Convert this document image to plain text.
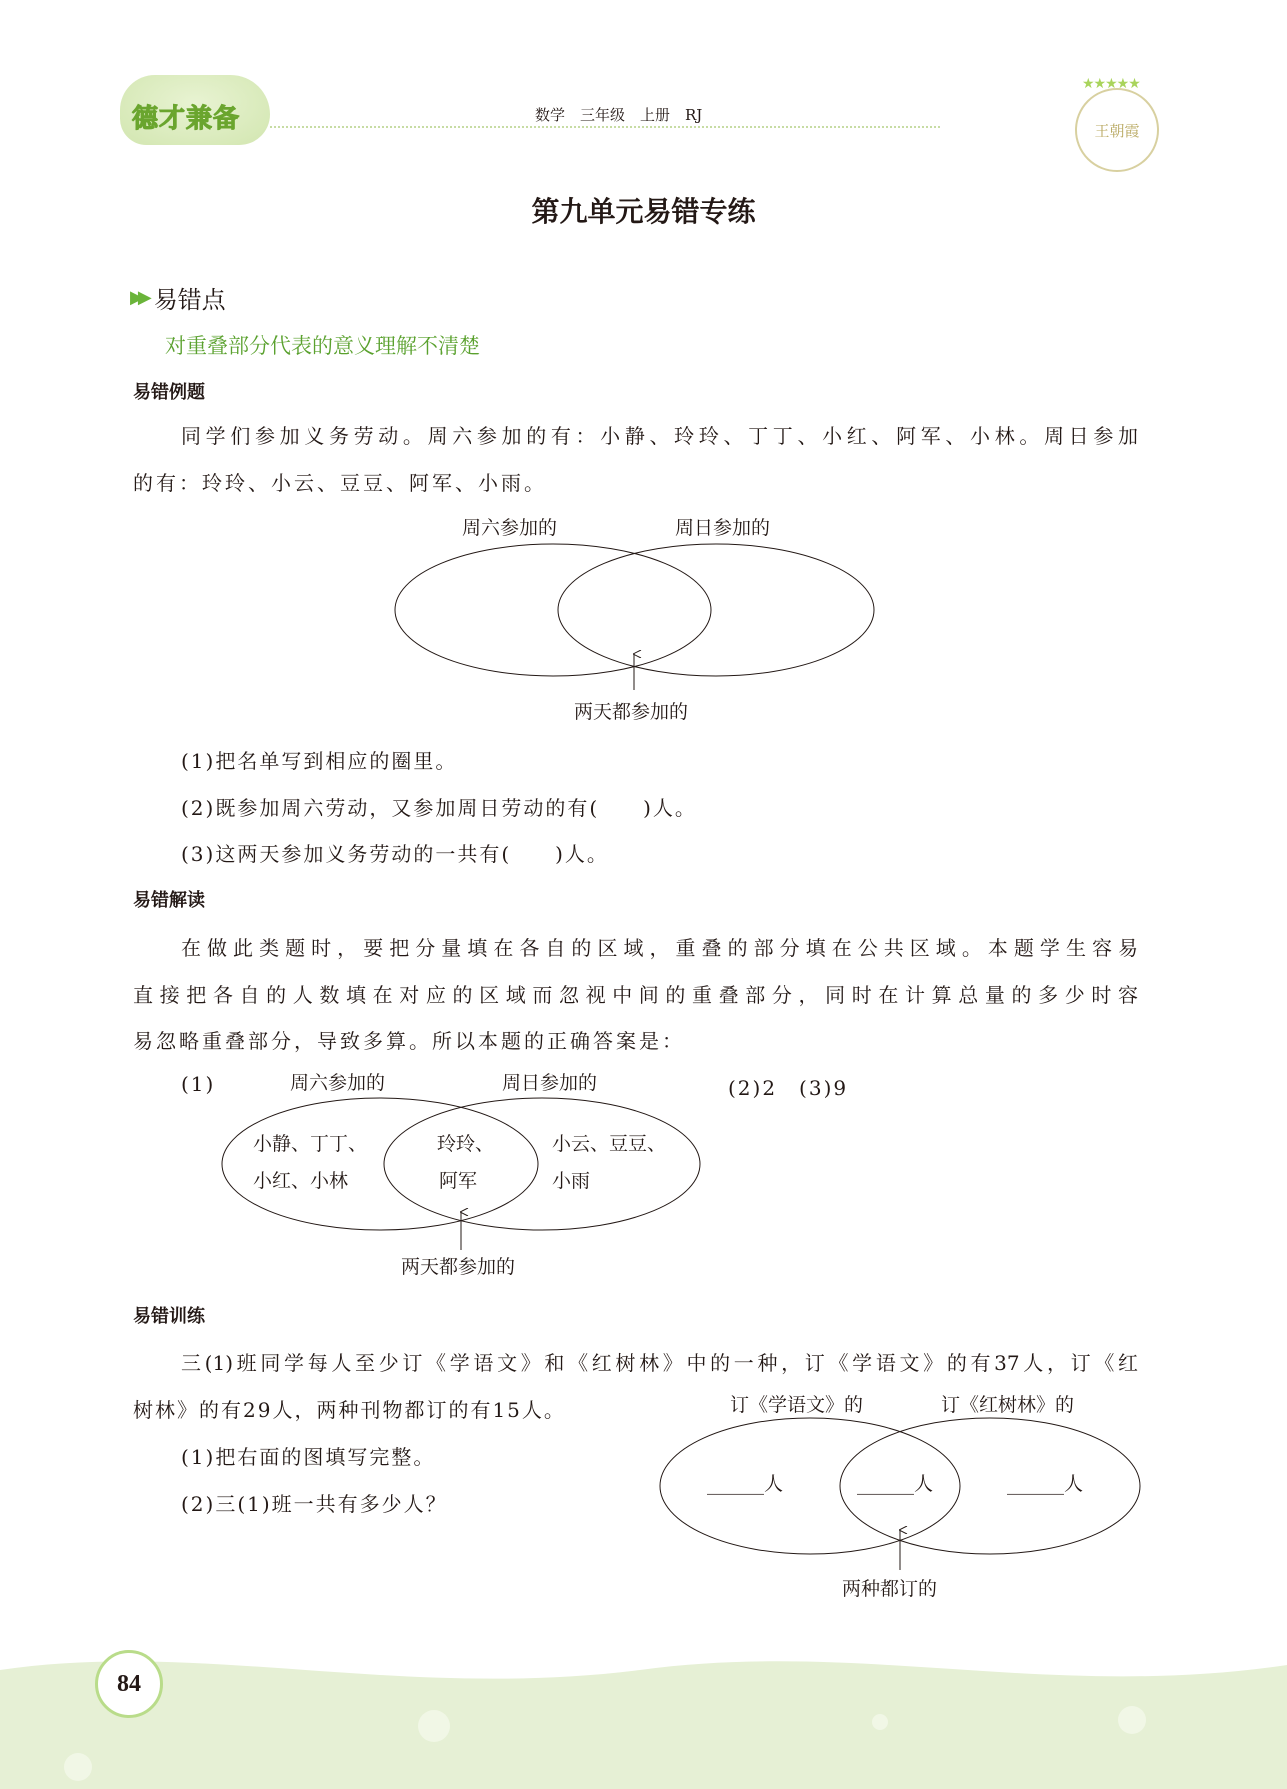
德才兼备	数学　三年级　上册　RJ
★★★★★
王朝霞
第九单元易错专练
▶▶ 易错点
对重叠部分代表的意义理解不清楚
易错例题
同学们参加义务劳动。周六参加的有：小静、玲玲、丁丁、小红、阿军、小林。周日参加
的有：玲玲、小云、豆豆、阿军、小雨。
周六参加的	周日参加的
两天都参加的
周六参加的	周日参加的
小静、丁丁、
小红、小林
玲玲、
阿军
小云、豆豆、
小雨
两天都参加的
订《学语文》的	订《红树林》的
______人	______人	______人
两种都订的
(1)把名单写到相应的圈里。
(2)既参加周六劳动，又参加周日劳动的有(　　)人。
(3)这两天参加义务劳动的一共有(　　)人。
易错解读
在做此类题时，要把分量填在各自的区域，重叠的部分填在公共区域。本题学生容易
直接把各自的人数填在对应的区域而忽视中间的重叠部分，同时在计算总量的多少时容
易忽略重叠部分，导致多算。所以本题的正确答案是：
(1)	(2)2　(3)9
易错训练
三(1)班同学每人至少订《学语文》和《红树林》中的一种，订《学语文》的有37人，订《红
树林》的有29人，两种刊物都订的有15人。
(1)把右面的图填写完整。
(2)三(1)班一共有多少人？
84
